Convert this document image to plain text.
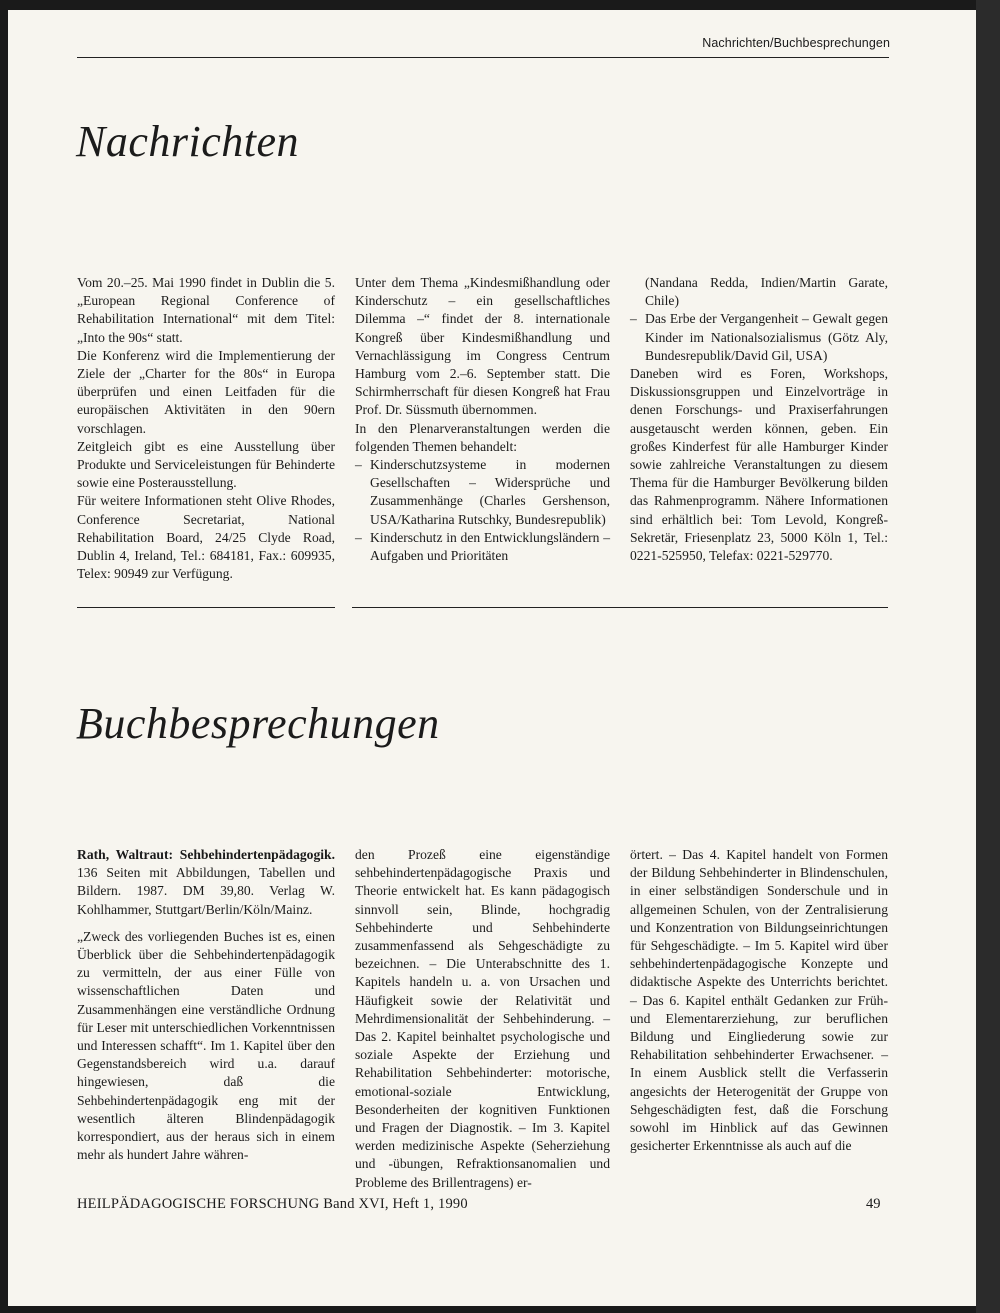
Nachrichten/Buchbesprechungen
Nachrichten

Vom 20.–25. Mai 1990 findet in Dublin die 5. „European Regional Conference of Rehabilitation International“ mit dem Titel: „Into the 90s“ statt.

Die Konferenz wird die Implementierung der Ziele der „Charter for the 80s“ in Europa überprüfen und einen Leitfaden für die europäischen Aktivitäten in den 90ern vorschlagen.

Zeitgleich gibt es eine Ausstellung über Produkte und Serviceleistungen für Behinderte sowie eine Posterausstellung.

Für weitere Informationen steht Olive Rhodes, Conference Secretariat, National Rehabilitation Board, 24/25 Clyde Road, Dublin 4, Ireland, Tel.: 684181, Fax.: 609935, Telex: 90949 zur Verfügung.

Unter dem Thema „Kindesmißhandlung oder Kinderschutz – ein gesellschaftliches Dilemma –“ findet der 8. internationale Kongreß über Kindesmißhandlung und Vernachlässigung im Congress Centrum Hamburg vom 2.–6. September statt. Die Schirmherrschaft für diesen Kongreß hat Frau Prof. Dr. Süssmuth übernommen.

In den Plenarveranstaltungen werden die folgenden Themen behandelt:

– Kinderschutzsysteme in modernen Gesellschaften – Widersprüche und Zusammenhänge (Charles Gershenson, USA/Katharina Rutschky, Bundesrepublik)
– Kinderschutz in den Entwicklungsländern – Aufgaben und Prioritäten

(Nandana Redda, Indien/Martin Garate, Chile)

– Das Erbe der Vergangenheit – Gewalt gegen Kinder im Nationalsozialismus (Götz Aly, Bundesrepublik/David Gil, USA)

Daneben wird es Foren, Workshops, Diskussionsgruppen und Einzelvorträge in denen Forschungs- und Praxiserfahrungen ausgetauscht werden können, geben. Ein großes Kinderfest für alle Hamburger Kinder sowie zahlreiche Veranstaltungen zu diesem Thema für die Hamburger Bevölkerung bilden das Rahmenprogramm. Nähere Informationen sind erhältlich bei: Tom Levold, Kongreß-Sekretär, Friesenplatz 23, 5000 Köln 1, Tel.: 0221-525950, Telefax: 0221-529770.

Buchbesprechungen

Rath, Waltraut: Sehbehindertenpädagogik. 136 Seiten mit Abbildungen, Tabellen und Bildern. 1987. DM 39,80. Verlag W. Kohlhammer, Stuttgart/Berlin/Köln/Mainz.

„Zweck des vorliegenden Buches ist es, einen Überblick über die Sehbehindertenpädagogik zu vermitteln, der aus einer Fülle von wissenschaftlichen Daten und Zusammenhängen eine verständliche Ordnung für Leser mit unterschiedlichen Vorkenntnissen und Interessen schafft“. Im 1. Kapitel über den Gegenstandsbereich wird u.a. darauf hingewiesen, daß die Sehbehindertenpädagogik eng mit der wesentlich älteren Blindenpädagogik korrespondiert, aus der heraus sich in einem mehr als hundert Jahre währen-

den Prozeß eine eigenständige sehbehindertenpädagogische Praxis und Theorie entwickelt hat. Es kann pädagogisch sinnvoll sein, Blinde, hochgradig Sehbehinderte und Sehbehinderte zusammenfassend als Sehgeschädigte zu bezeichnen. – Die Unterabschnitte des 1. Kapitels handeln u. a. von Ursachen und Häufigkeit sowie der Relativität und Mehrdimensionalität der Sehbehinderung. – Das 2. Kapitel beinhaltet psychologische und soziale Aspekte der Erziehung und Rehabilitation Sehbehinderter: motorische, emotional-soziale Entwicklung, Besonderheiten der kognitiven Funktionen und Fragen der Diagnostik. – Im 3. Kapitel werden medizinische Aspekte (Seherziehung und -übungen, Refraktionsanomalien und Probleme des Brillentragens) er-

örtert. – Das 4. Kapitel handelt von Formen der Bildung Sehbehinderter in Blindenschulen, in einer selbständigen Sonderschule und in allgemeinen Schulen, von der Zentralisierung und Konzentration von Bildungseinrichtungen für Sehgeschädigte. – Im 5. Kapitel wird über sehbehindertenpädagogische Konzepte und didaktische Aspekte des Unterrichts berichtet. – Das 6. Kapitel enthält Gedanken zur Früh- und Elementarerziehung, zur beruflichen Bildung und Eingliederung sowie zur Rehabilitation sehbehinderter Erwachsener. – In einem Ausblick stellt die Verfasserin angesichts der Heterogenität der Gruppe von Sehgeschädigten fest, daß die Forschung sowohl im Hinblick auf das Gewinnen gesicherter Erkenntnisse als auch auf die

HEILPÄDAGOGISCHE FORSCHUNG Band XVI, Heft 1, 1990	49
